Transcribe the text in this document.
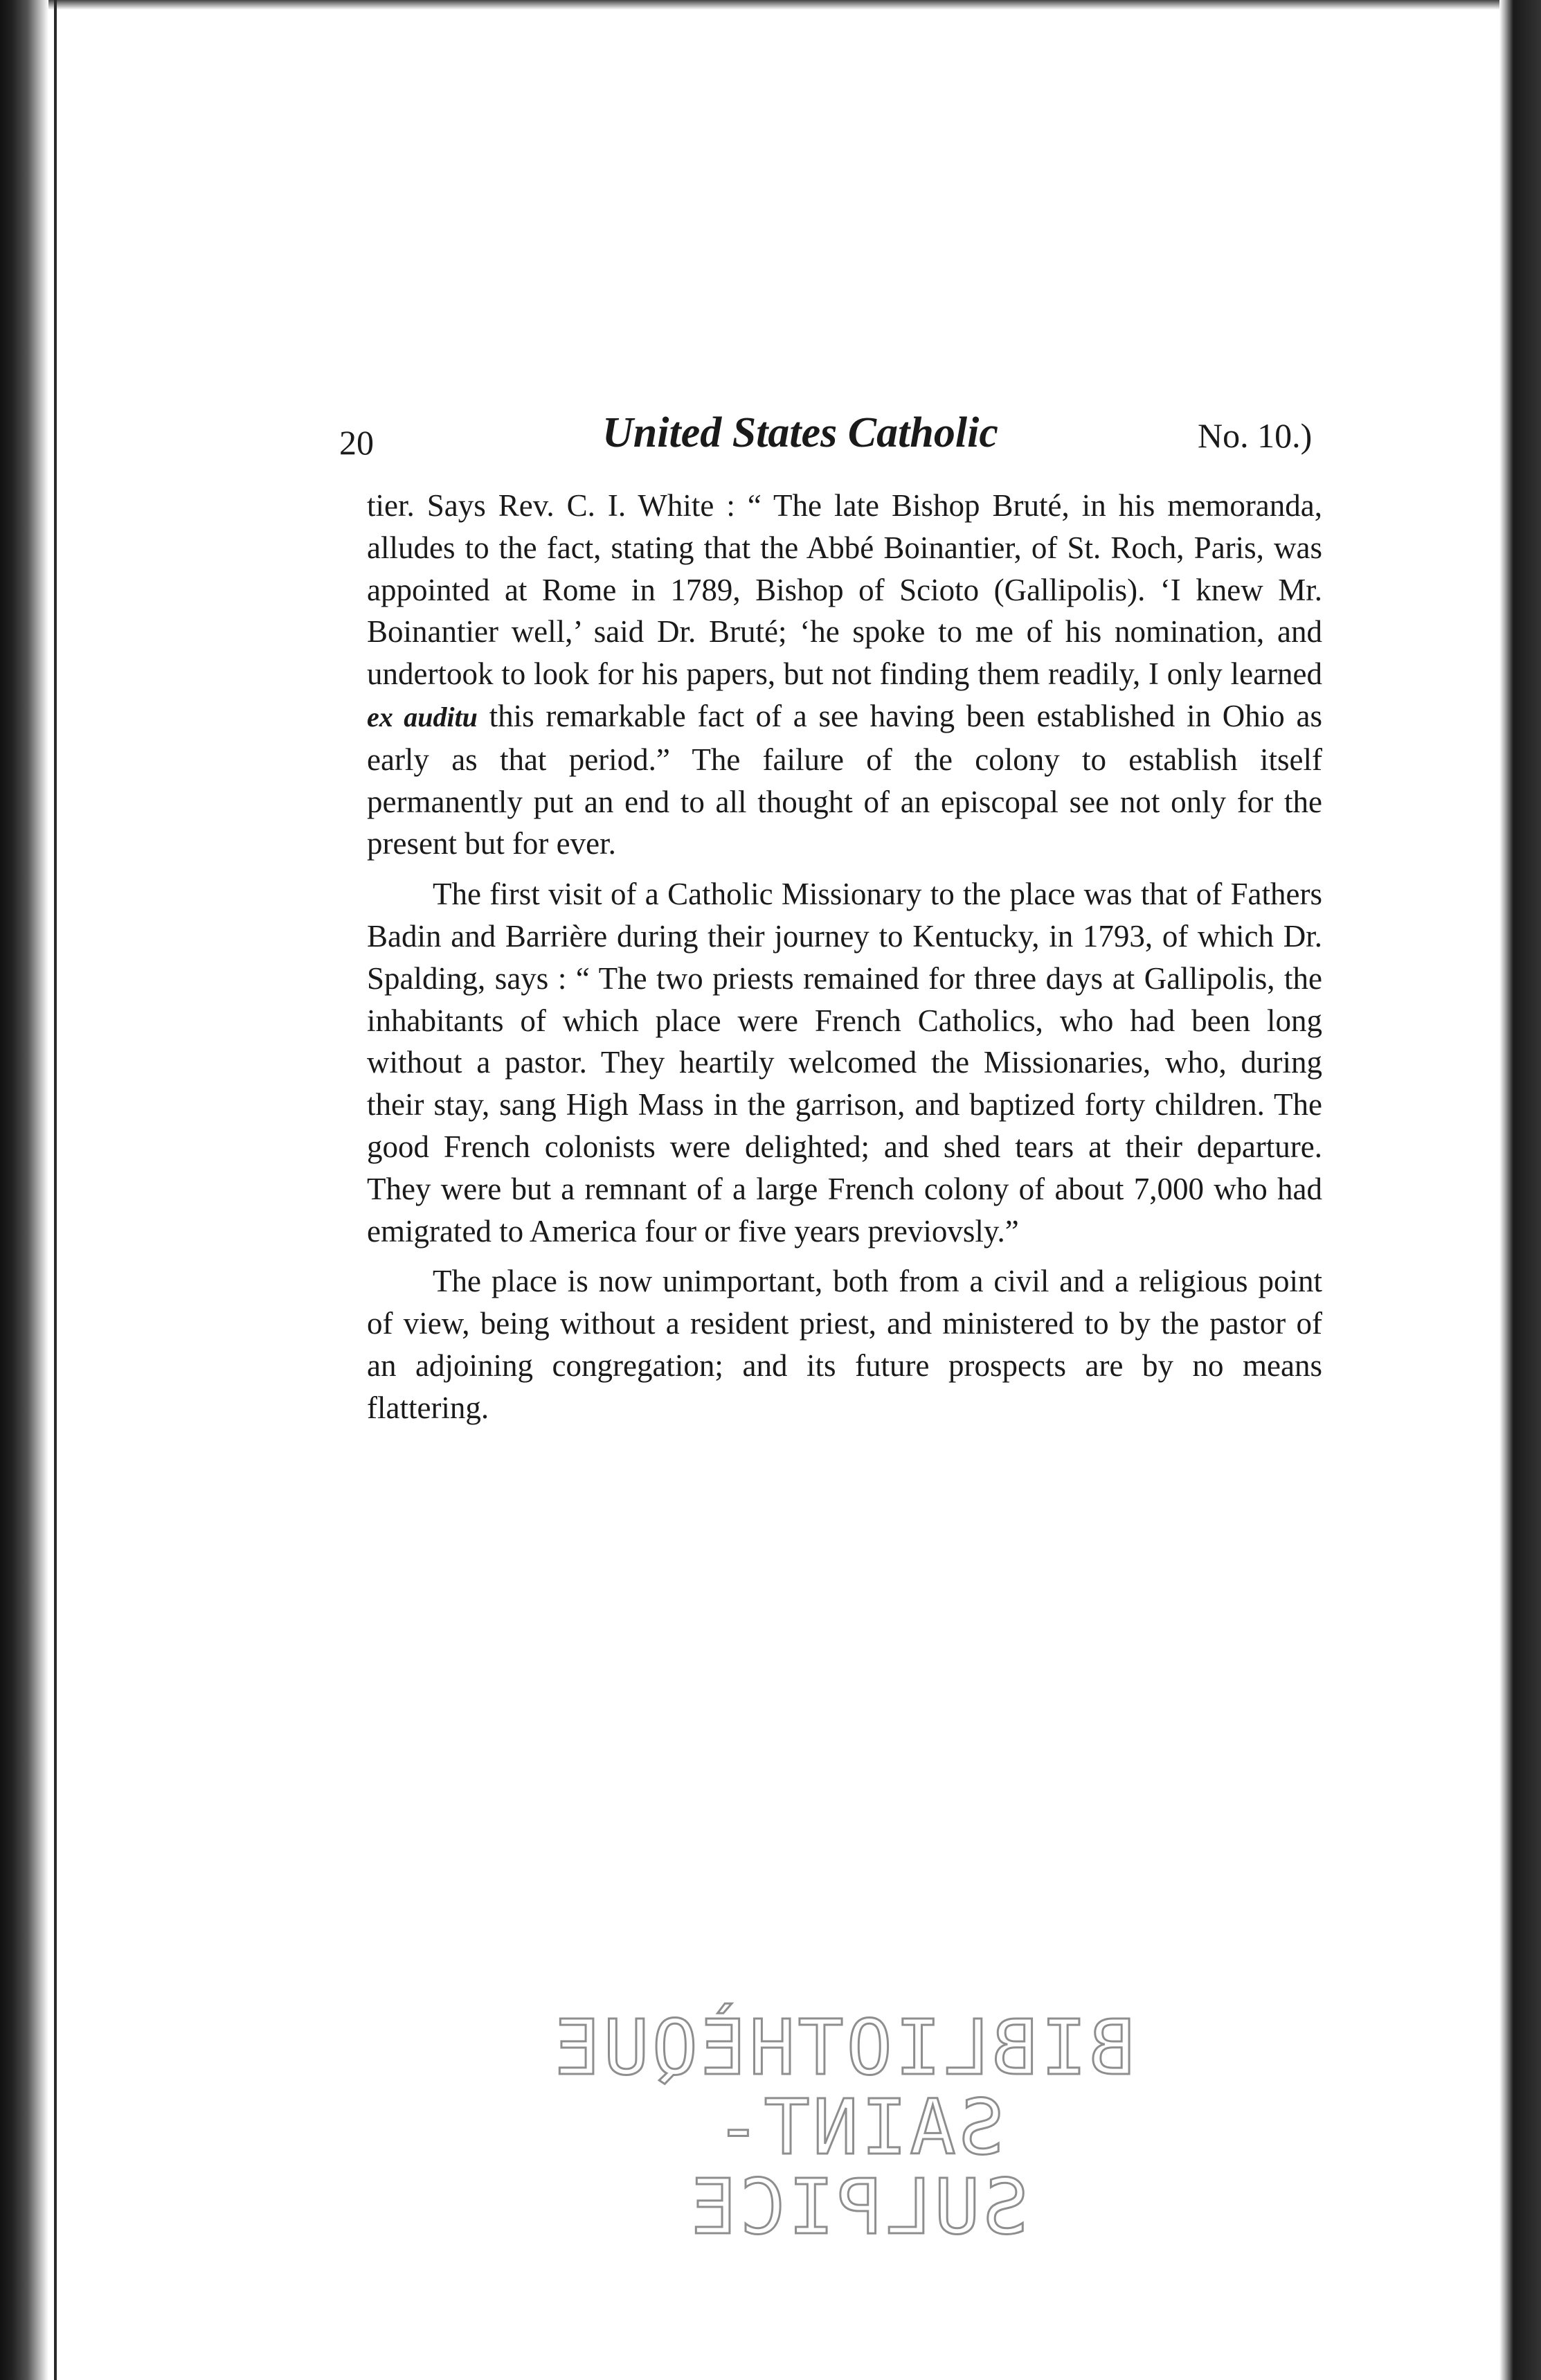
20	United States Catholic	No. 10.)

tier. Says Rev. C. I. White : “ The late Bishop Bruté, in his memoranda, alludes to the fact, stating that the Abbé Boinantier, of St. Roch, Paris, was appointed at Rome in 1789, Bishop of Scioto (Gallipolis). ‘I knew Mr. Boinantier well,’ said Dr. Bruté; ‘he spoke to me of his nomination, and undertook to look for his papers, but not finding them readily, I only learned ex auditu this remarkable fact of a see having been established in Ohio as early as that period.” The failure of the colony to establish itself permanently put an end to all thought of an episcopal see not only for the present but for ever.

The first visit of a Catholic Missionary to the place was that of Fathers Badin and Barrière during their journey to Kentucky, in 1793, of which Dr. Spalding, says : “ The two priests remained for three days at Gallipolis, the inhabitants of which place were French Catholics, who had been long without a pastor. They heartily welcomed the Missionaries, who, during their stay, sang High Mass in the garrison, and baptized forty children. The good French colonists were delighted; and shed tears at their departure. They were but a remnant of a large French colony of about 7,000 who had emigrated to America four or five years previovsly.”

The place is now unimportant, both from a civil and a religious point of view, being without a resident priest, and ministered to by the pastor of an adjoining congregation; and its future prospects are by no means flattering.

BIBLIOTHÈQUE
SAINT-SULPICE
